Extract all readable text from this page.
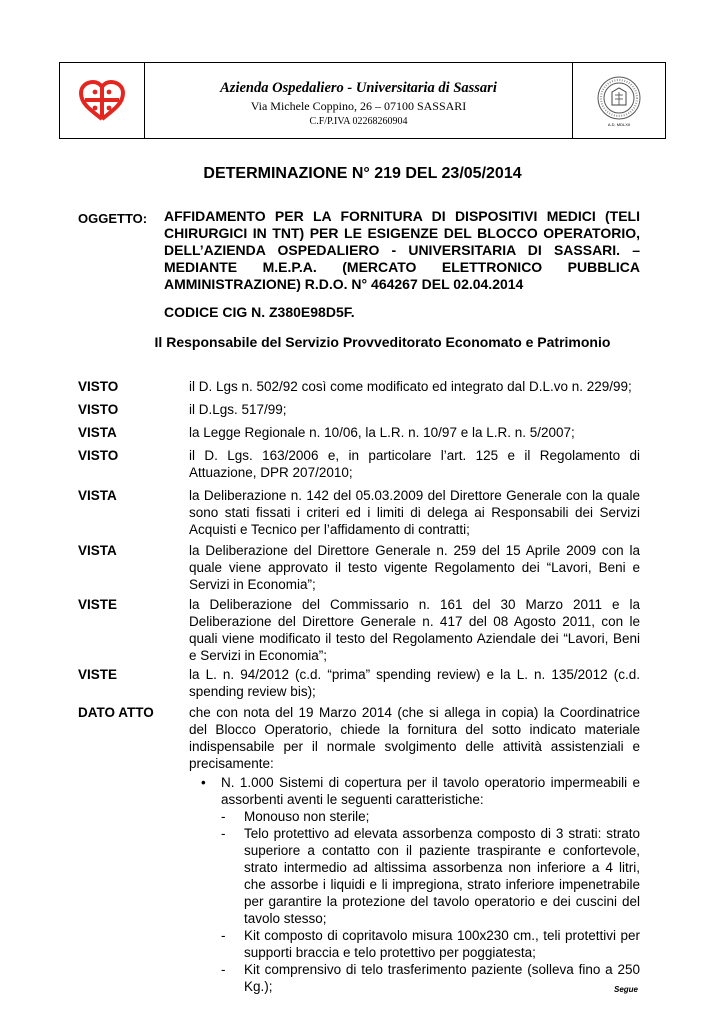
Azienda Ospedaliero - Universitaria di Sassari
Via Michele Coppino, 26 – 07100 SASSARI
C.F/P.IVA 02268260904	A.D. MDLXII
DETERMINAZIONE N° 219 DEL 23/05/2014
OGGETTO: AFFIDAMENTO PER LA FORNITURA DI DISPOSITIVI MEDICI (TELI CHIRURGICI IN TNT) PER LE ESIGENZE DEL BLOCCO OPERATORIO, DELL’AZIENDA OSPEDALIERO - UNIVERSITARIA DI SASSARI. – MEDIANTE M.E.P.A. (MERCATO ELETTRONICO PUBBLICA AMMINISTRAZIONE) R.D.O. N° 464267 DEL 02.04.2014
CODICE CIG N. Z380E98D5F.
Il Responsabile del Servizio Provveditorato Economato e Patrimonio
VISTO	il D. Lgs n. 502/92 così come modificato ed integrato dal D.L.vo n. 229/99;
VISTO	il D.Lgs. 517/99;
VISTA	la Legge Regionale n. 10/06, la L.R. n. 10/97 e la L.R. n. 5/2007;
VISTO	il D. Lgs. 163/2006 e, in particolare l’art. 125 e il Regolamento di Attuazione, DPR 207/2010;
VISTA	la Deliberazione n. 142 del 05.03.2009 del Direttore Generale con la quale sono stati fissati i criteri ed i limiti di delega ai Responsabili dei Servizi Acquisti e Tecnico per l’affidamento di contratti;
VISTA	la Deliberazione del Direttore Generale n. 259 del 15 Aprile 2009 con la quale viene approvato il testo vigente Regolamento dei “Lavori, Beni e Servizi in Economia”;
VISTE	la Deliberazione del Commissario n. 161 del 30 Marzo 2011 e la Deliberazione del Direttore Generale n. 417 del 08 Agosto 2011, con le quali viene modificato il testo del Regolamento Aziendale dei “Lavori, Beni e Servizi in Economia”;
VISTE	la L. n. 94/2012 (c.d. “prima” spending review) e la L. n. 135/2012 (c.d. spending review bis);
DATO ATTO	che con nota del 19 Marzo 2014 (che si allega in copia) la Coordinatrice del Blocco Operatorio, chiede la fornitura del sotto indicato materiale indispensabile per il normale svolgimento delle attività assistenziali e precisamente:
•	N. 1.000 Sistemi di copertura per il tavolo operatorio impermeabili e assorbenti aventi le seguenti caratteristiche:
-	Monouso non sterile;
-	Telo protettivo ad elevata assorbenza composto di 3 strati: strato superiore a contatto con il paziente traspirante e confortevole, strato intermedio ad altissima assorbenza non inferiore a 4 litri, che assorbe i liquidi e li impregiona, strato inferiore impenetrabile per garantire la protezione del tavolo operatorio e dei cuscini del tavolo stesso;
-	Kit composto di copritavolo misura 100x230 cm., teli protettivi per supporti braccia e telo protettivo per poggiatesta;
-	Kit comprensivo di telo trasferimento paziente (solleva fino a 250 Kg.);	Segue
